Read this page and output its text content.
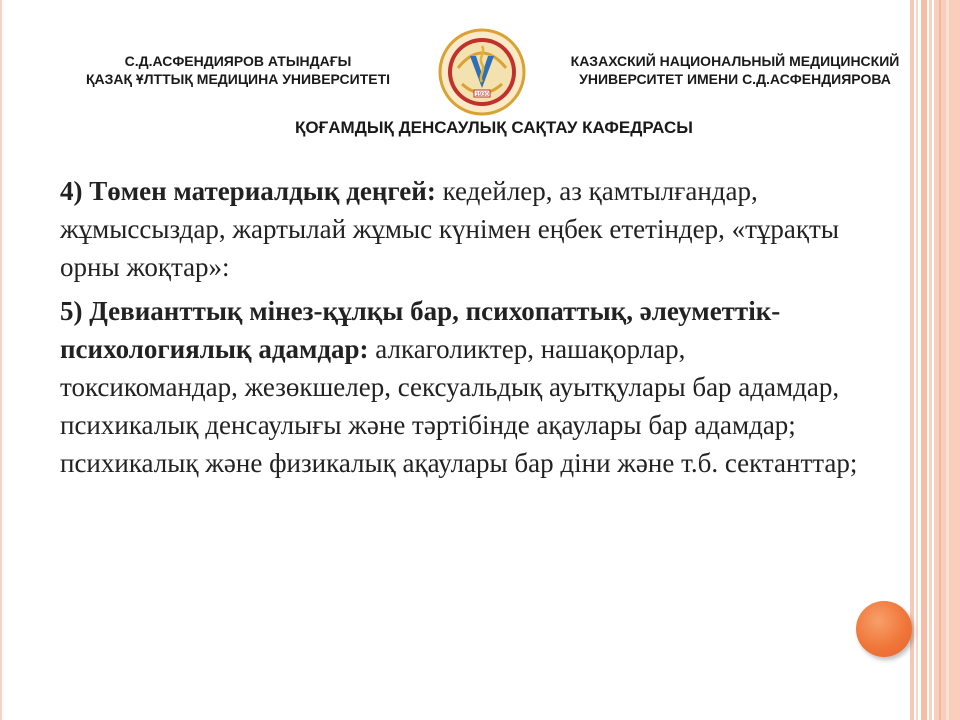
С.Д.АСФЕНДИЯРОВ АТЫНДАҒЫ
ҚАЗАҚ ҰЛТТЫҚ МЕДИЦИНА УНИВЕРСИТЕТІ
1930
КАЗАХСКИЙ НАЦИОНАЛЬНЫЙ МЕДИЦИНСКИЙ
УНИВЕРСИТЕТ ИМЕНИ С.Д.АСФЕНДИЯРОВА
ҚОҒАМДЫҚ ДЕНСАУЛЫҚ САҚТАУ КАФЕДРАСЫ

4) Төмен материалдық деңгей: кедейлер, аз қамтылғандар, жұмыссыздар, жартылай жұмыс күнімен еңбек ететіндер, «тұрақты орны жоқтар»:

5) Девианттық мінез-құлқы бар, психопаттық, әлеуметтік-психологиялық адамдар: алкаголиктер, нашақорлар, токсикомандар, жезөкшелер, сексуальдық ауытқулары бар адамдар, психикалық денсаулығы және тәртібінде ақаулары бар адамдар; психикалық және физикалық ақаулары бар діни және т.б. сектанттар;
